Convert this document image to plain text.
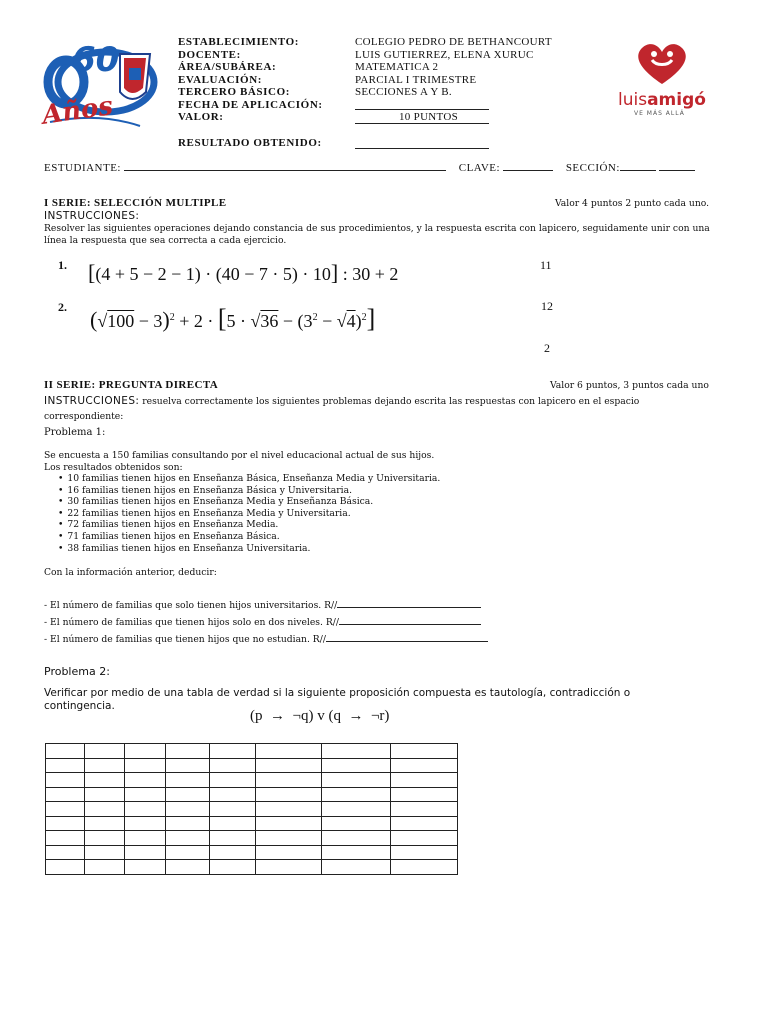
60
Años	luisamigó
VE MÁS ALLÁ
ESTABLECIMIENTO:	COLEGIO PEDRO DE BETHANCOURT
DOCENTE:	LUIS GUTIERREZ, ELENA XURUC
ÁREA/SUBÁREA:	MATEMATICA 2
EVALUACIÓN:	PARCIAL I TRIMESTRE
TERCERO BÁSICO:	SECCIONES A Y B.
FECHA DE APLICACIÓN:
VALOR:	10 PUNTOS
RESULTADO OBTENIDO:
ESTUDIANTE:	CLAVE:	SECCIÓN:
I SERIE: SELECCIÓN MULTIPLE	Valor 4 puntos 2 punto cada uno.
INSTRUCCIONES:
Resolver las siguientes operaciones dejando constancia de sus procedimientos, y la respuesta escrita con lapicero, seguidamente unir con una línea la respuesta que sea correcta a cada ejercicio.
1. [(4 + 5 − 2 − 1) · (40 − 7 · 5) · 10] : 30 + 2
2. $(√100 - 3)^2 + 2 \cdot [5 \cdot √36 - (3^2 - √4)^2]$
11
12
2
II SERIE: PREGUNTA DIRECTA	Valor 6 puntos, 3 puntos cada uno
INSTRUCCIONES: resuelva correctamente los siguientes problemas dejando escrita las respuestas con lapicero en el espacio correspondiente:
Problema 1:
Se encuesta a 150 familias consultando por el nivel educacional actual de sus hijos.
Los resultados obtenidos son:
• 10 familias tienen hijos en Enseñanza Básica, Enseñanza Media y Universitaria.
• 16 familias tienen hijos en Enseñanza Básica y Universitaria.
• 30 familias tienen hijos en Enseñanza Media y Enseñanza Básica.
• 22 familias tienen hijos en Enseñanza Media y Universitaria.
• 72 familias tienen hijos en Enseñanza Media.
• 71 familias tienen hijos en Enseñanza Básica.
• 38 familias tienen hijos en Enseñanza Universitaria.
Con la información anterior, deducir:
- El número de familias que solo tienen hijos universitarios. R//
- El número de familias que tienen hijos solo en dos niveles. R//
- El número de familias que tienen hijos que no estudian. R//
Problema 2:
Verificar por medio de una tabla de verdad si la siguiente proposición compuesta es tautología, contradicción o contingencia.
(p  →  ¬q) v (q  →  ¬r)
